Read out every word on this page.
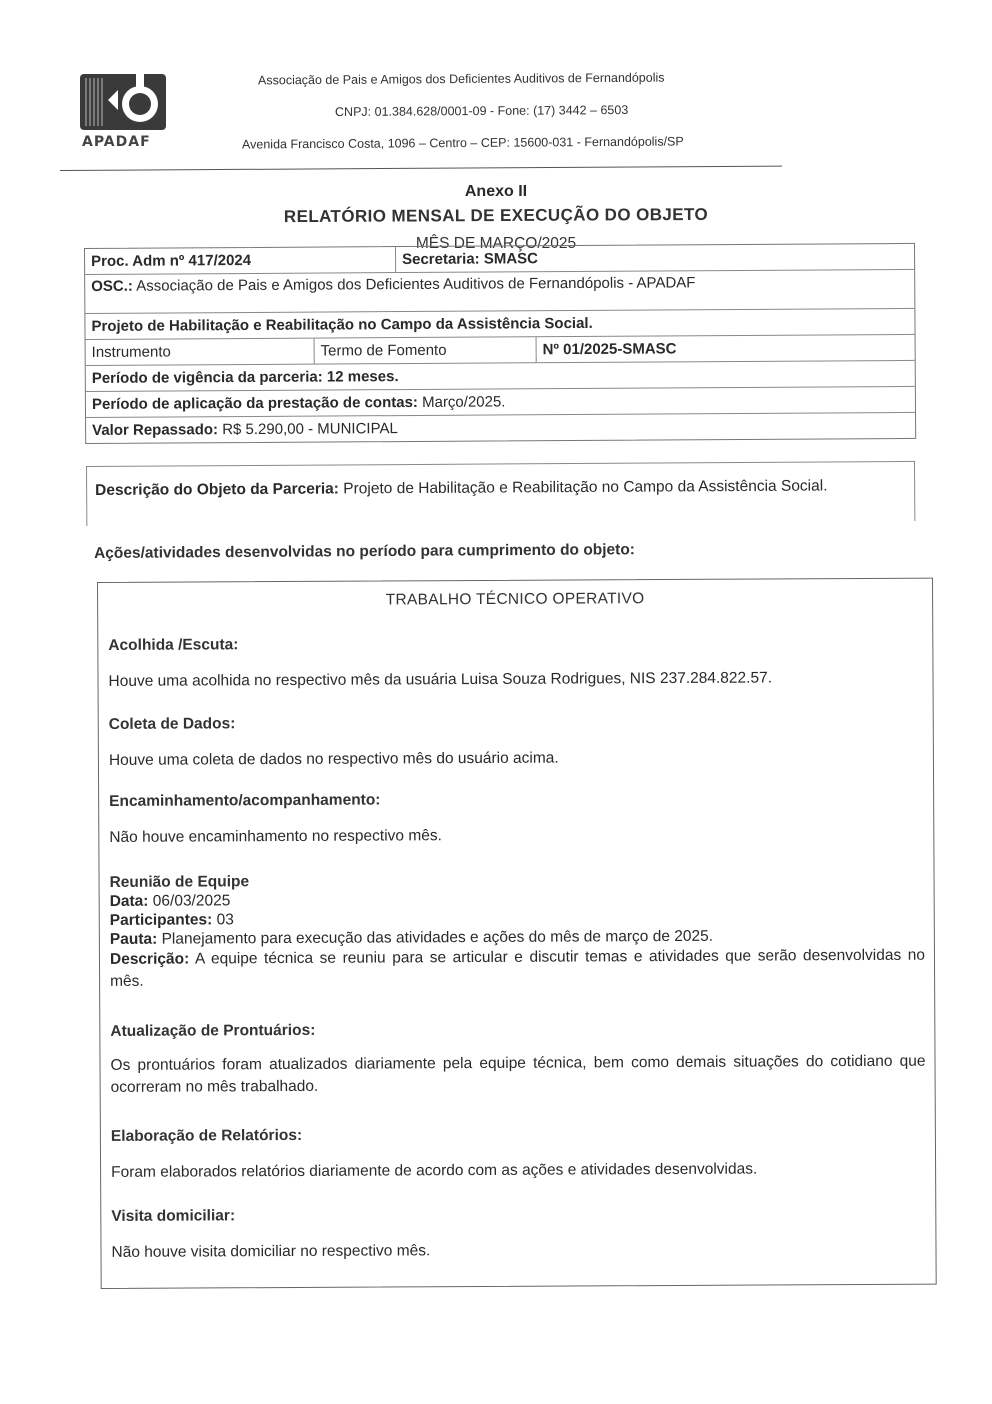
APADAF
Associação de Pais e Amigos dos Deficientes Auditivos de Fernandópolis
CNPJ: 01.384.628/0001-09 - Fone: (17) 3442 – 6503
Avenida Francisco Costa, 1096 – Centro – CEP: 15600-031 - Fernandópolis/SP
Anexo II
RELATÓRIO MENSAL DE EXECUÇÃO DO OBJETO
MÊS DE MARÇO/2025
Proc. Adm nº 417/2024	Secretaria: SMASC
OSC.: Associação de Pais e Amigos dos Deficientes Auditivos de Fernandópolis - APADAF
Projeto de Habilitação e Reabilitação no Campo da Assistência Social.
Instrumento	Termo de Fomento	Nº 01/2025-SMASC
Período de vigência da parceria: 12 meses.
Período de aplicação da prestação de contas: Março/2025.
Valor Repassado: R$ 5.290,00 - MUNICIPAL
Descrição do Objeto da Parceria: Projeto de Habilitação e Reabilitação no Campo da Assistência Social.
Ações/atividades desenvolvidas no período para cumprimento do objeto:
TRABALHO TÉCNICO OPERATIVO
Acolhida /Escuta:

Houve uma acolhida no respectivo mês da usuária Luisa Souza Rodrigues, NIS 237.284.822.57.

Coleta de Dados:

Houve uma coleta de dados no respectivo mês do usuário acima.

Encaminhamento/acompanhamento:

Não houve encaminhamento no respectivo mês.

Reunião de Equipe
Data: 06/03/2025
Participantes: 03
Pauta: Planejamento para execução das atividades e ações do mês de março de 2025.
Descrição: A equipe técnica se reuniu para se articular e discutir temas e atividades que serão desenvolvidas no mês.
Atualização de Prontuários:

Os prontuários foram atualizados diariamente pela equipe técnica, bem como demais situações do cotidiano que ocorreram no mês trabalhado.

Elaboração de Relatórios:

Foram elaborados relatórios diariamente de acordo com as ações e atividades desenvolvidas.

Visita domiciliar:

Não houve visita domiciliar no respectivo mês.
